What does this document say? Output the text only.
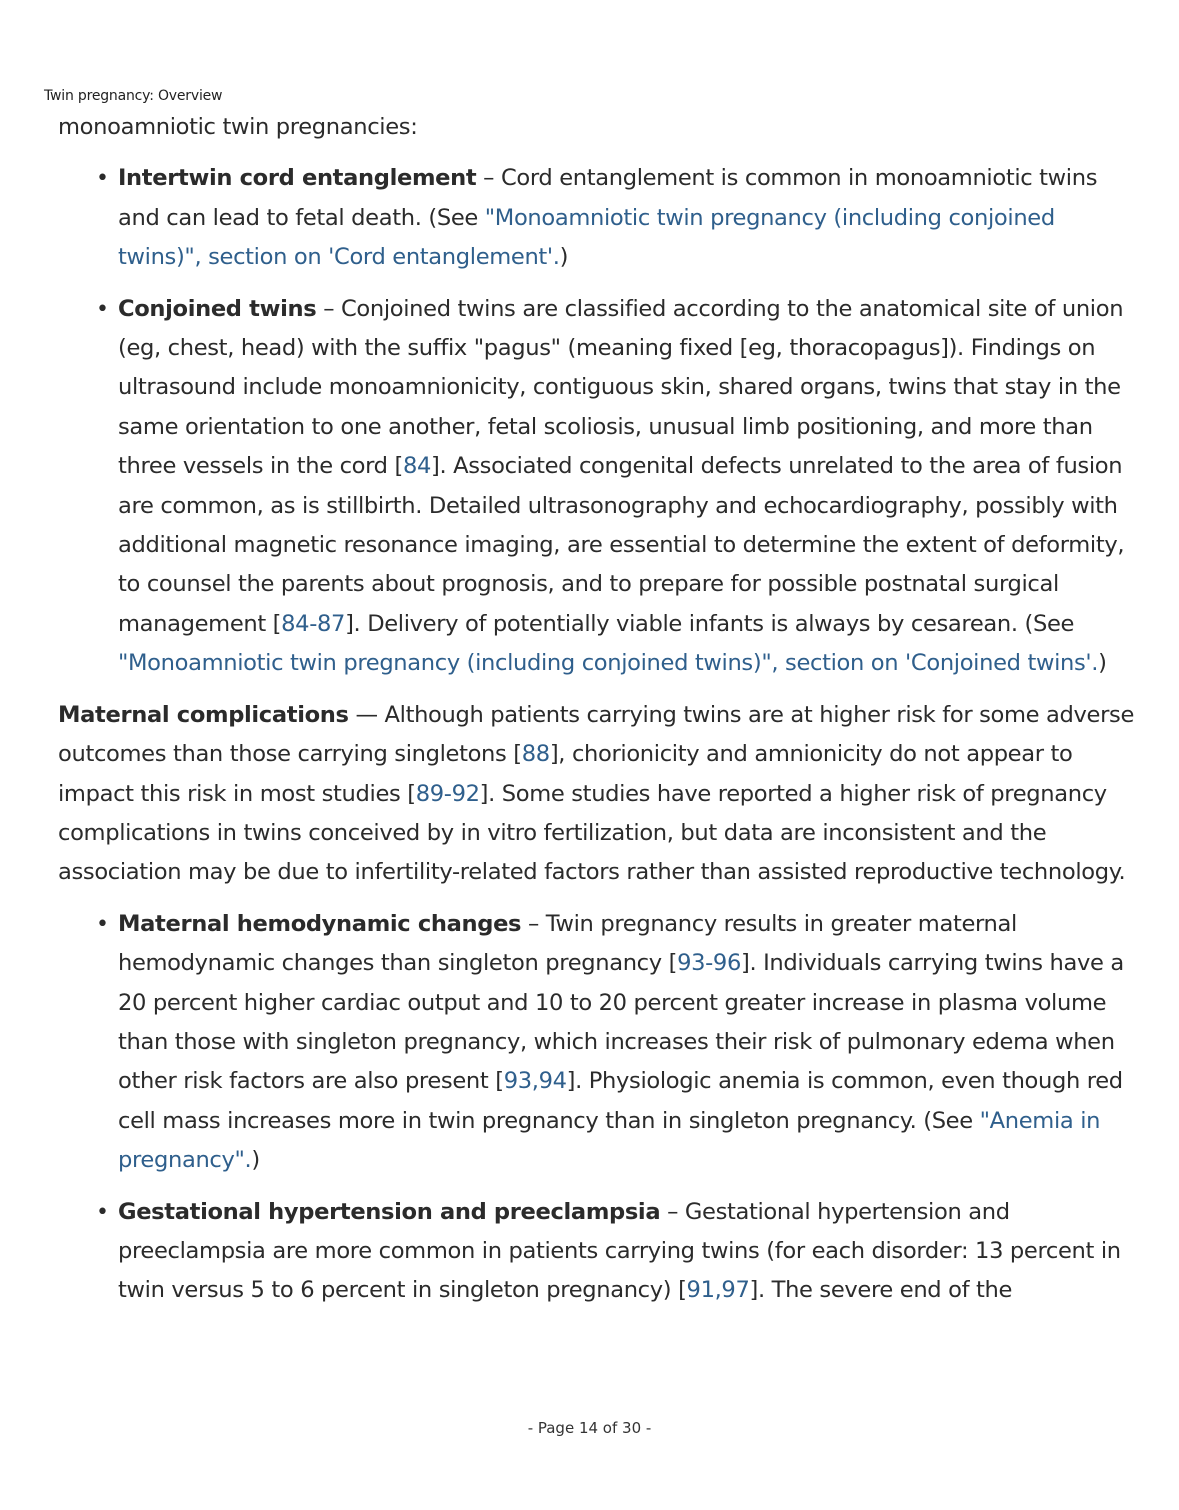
Twin pregnancy: Overview

monoamniotic twin pregnancies:

• Intertwin cord entanglement – Cord entanglement is common in monoamniotic twins and can lead to fetal death. (See "Monoamniotic twin pregnancy (including conjoined twins)", section on 'Cord entanglement'.)
• Conjoined twins – Conjoined twins are classified according to the anatomical site of union (eg, chest, head) with the suffix "pagus" (meaning fixed [eg, thoracopagus]). Findings on ultrasound include monoamnionicity, contiguous skin, shared organs, twins that stay in the same orientation to one another, fetal scoliosis, unusual limb positioning, and more than three vessels in the cord [84]. Associated congenital defects unrelated to the area of fusion are common, as is stillbirth. Detailed ultrasonography and echocardiography, possibly with additional magnetic resonance imaging, are essential to determine the extent of deformity, to counsel the parents about prognosis, and to prepare for possible postnatal surgical management [84-87]. Delivery of potentially viable infants is always by cesarean. (See "Monoamniotic twin pregnancy (including conjoined twins)", section on 'Conjoined twins'.)

Maternal complications — Although patients carrying twins are at higher risk for some adverse outcomes than those carrying singletons [88], chorionicity and amnionicity do not appear to impact this risk in most studies [89-92]. Some studies have reported a higher risk of pregnancy complications in twins conceived by in vitro fertilization, but data are inconsistent and the association may be due to infertility-related factors rather than assisted reproductive technology.

• Maternal hemodynamic changes – Twin pregnancy results in greater maternal hemodynamic changes than singleton pregnancy [93-96]. Individuals carrying twins have a 20 percent higher cardiac output and 10 to 20 percent greater increase in plasma volume than those with singleton pregnancy, which increases their risk of pulmonary edema when other risk factors are also present [93,94]. Physiologic anemia is common, even though red cell mass increases more in twin pregnancy than in singleton pregnancy. (See "Anemia in pregnancy".)
• Gestational hypertension and preeclampsia – Gestational hypertension and preeclampsia are more common in patients carrying twins (for each disorder: 13 percent in twin versus 5 to 6 percent in singleton pregnancy) [91,97]. The severe end of the
- Page 14 of 30 -
